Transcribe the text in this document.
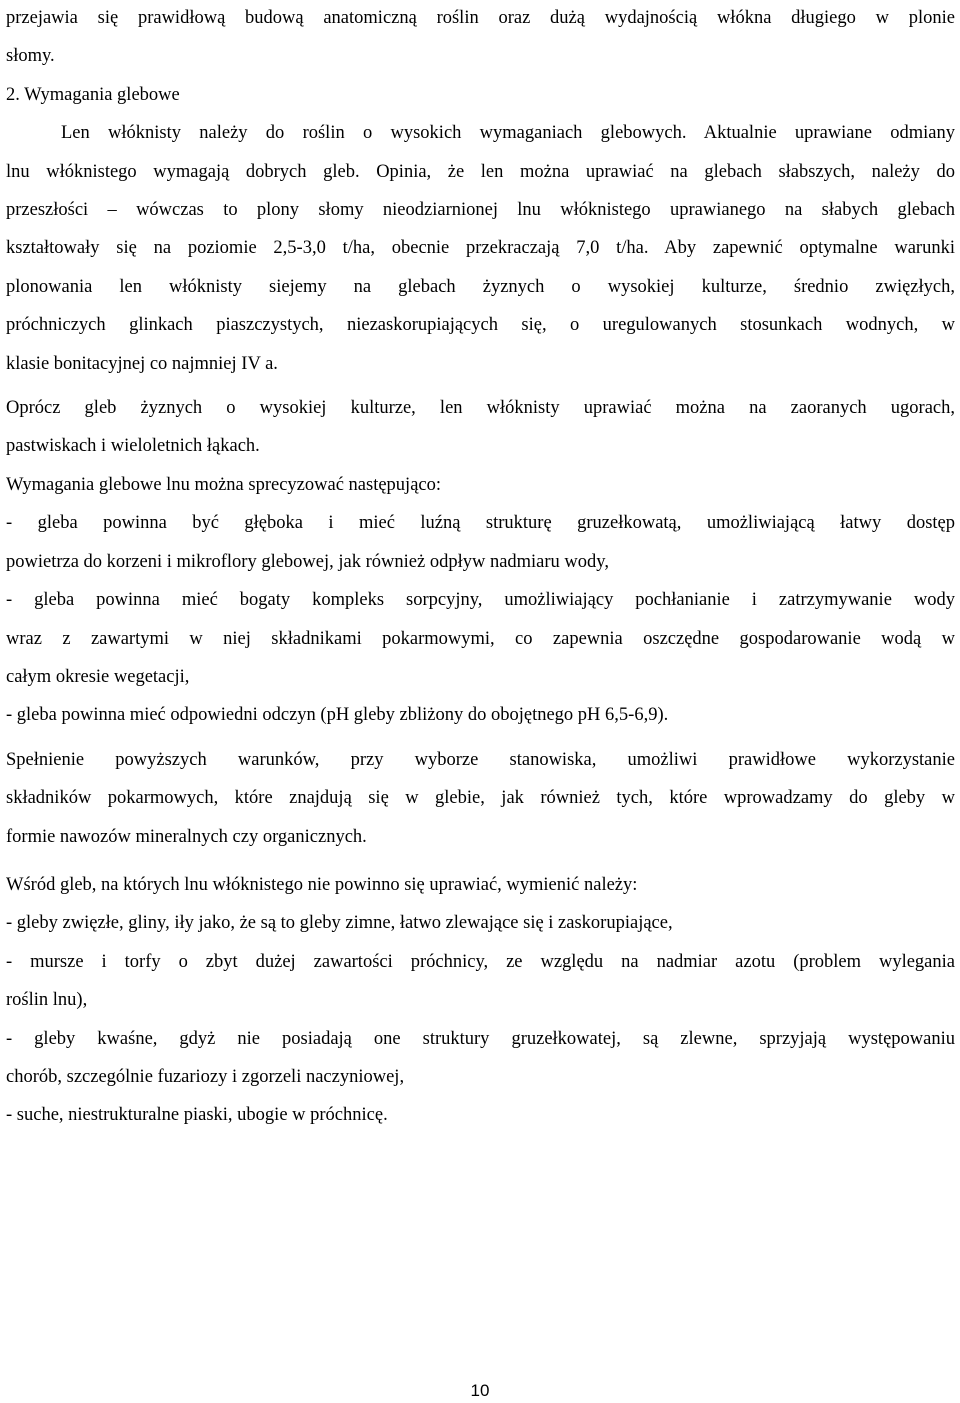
przejawia się prawidłową budową anatomiczną roślin oraz dużą wydajnością włókna długiego w plonie
słomy.
2. Wymagania glebowe
Len włóknisty należy do roślin o wysokich wymaganiach glebowych. Aktualnie uprawiane odmiany
lnu włóknistego wymagają dobrych gleb. Opinia, że len można uprawiać na glebach słabszych, należy do
przeszłości – wówczas to plony słomy nieodziarnionej lnu włóknistego uprawianego na słabych glebach
kształtowały się na poziomie 2,5-3,0 t/ha, obecnie przekraczają 7,0 t/ha. Aby zapewnić optymalne warunki
plonowania len włóknisty siejemy na glebach żyznych o wysokiej kulturze, średnio zwięzłych,
próchniczych glinkach piaszczystych, niezaskorupiających się, o uregulowanych stosunkach wodnych, w
klasie bonitacyjnej co najmniej IV a.
Oprócz gleb żyznych o wysokiej kulturze, len włóknisty uprawiać można na zaoranych ugorach,
pastwiskach i wieloletnich łąkach.
Wymagania glebowe lnu można sprecyzować następująco:
- gleba powinna być głęboka i mieć luźną strukturę gruzełkowatą, umożliwiającą łatwy dostęp
powietrza do korzeni i mikroflory glebowej, jak również odpływ nadmiaru wody,
- gleba powinna mieć bogaty kompleks sorpcyjny, umożliwiający pochłanianie i zatrzymywanie wody
wraz z zawartymi w niej składnikami pokarmowymi, co zapewnia oszczędne gospodarowanie wodą w
całym okresie wegetacji,
- gleba powinna mieć odpowiedni odczyn (pH gleby zbliżony do obojętnego pH 6,5-6,9).
Spełnienie powyższych warunków, przy wyborze stanowiska, umożliwi prawidłowe wykorzystanie
składników pokarmowych, które znajdują się w glebie, jak również tych, które wprowadzamy do gleby w
formie nawozów mineralnych czy organicznych.
Wśród gleb, na których lnu włóknistego nie powinno się uprawiać, wymienić należy:
- gleby zwięzłe, gliny, iły jako, że są to gleby zimne, łatwo zlewające się i zaskorupiające,
- mursze i torfy o zbyt dużej zawartości próchnicy, ze względu na nadmiar azotu (problem wylegania
roślin lnu),
- gleby kwaśne, gdyż nie posiadają one struktury gruzełkowatej, są zlewne, sprzyjają występowaniu
chorób, szczególnie fuzariozy i zgorzeli naczyniowej,
- suche, niestrukturalne piaski, ubogie w próchnicę.
10
